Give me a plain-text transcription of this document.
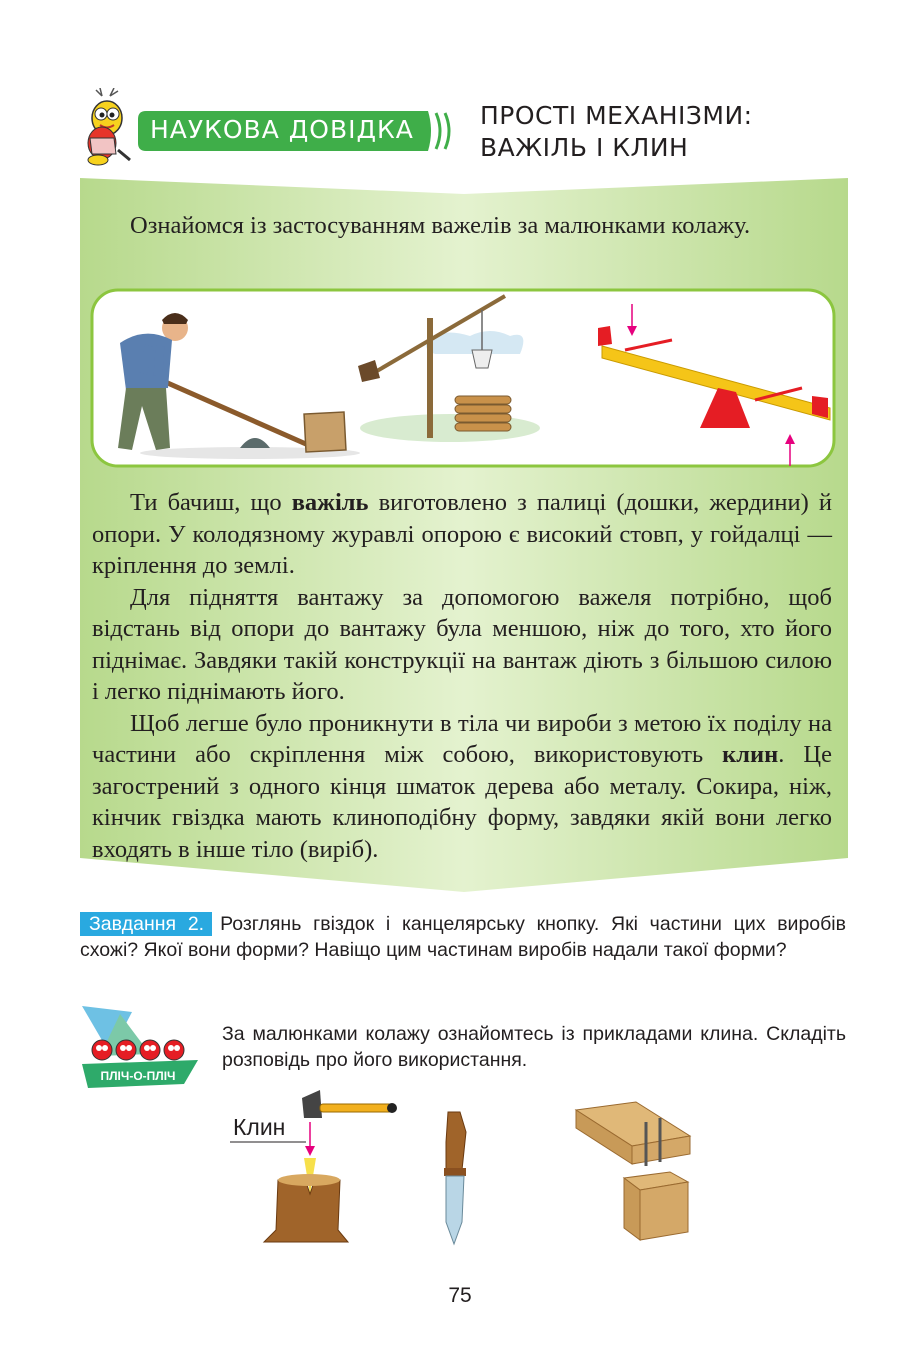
НАУКОВА ДОВІДКА	ПРОСТІ МЕХАНІЗМИ:
ВАЖІЛЬ І КЛИН
Ознайомся із застосуванням важелів за малюнками колажу.

Ти бачиш, що важіль виготовлено з палиці (дошки, жердини) й опори. У колодязному журавлі опорою є високий стовп, у гойдалці — кріплення до землі.

Для підняття вантажу за допомогою важеля потрібно, щоб відстань від опори до вантажу була меншою, ніж до того, хто його піднімає. Завдяки такій конструкції на вантаж діють з більшою силою і легко піднімають його.

Щоб легше було проникнути в тіла чи вироби з метою їх поділу на частини або скріплення між собою, використовують клин. Це загострений з одного кінця шматок дерева або металу. Сокира, ніж, кінчик гвіздка мають клиноподібну форму, завдяки якій вони легко входять в інше тіло (виріб).

Завдання 2. Розглянь гвіздок і канцелярську кнопку. Які частини цих виробів схожі? Якої вони форми? Навіщо цим частинам виробів надали такої форми?
ПЛІЧ-О-ПЛІЧ
За малюнками колажу ознайомтесь із прикладами клина. Складіть розповідь про його використання.
Клин
75
